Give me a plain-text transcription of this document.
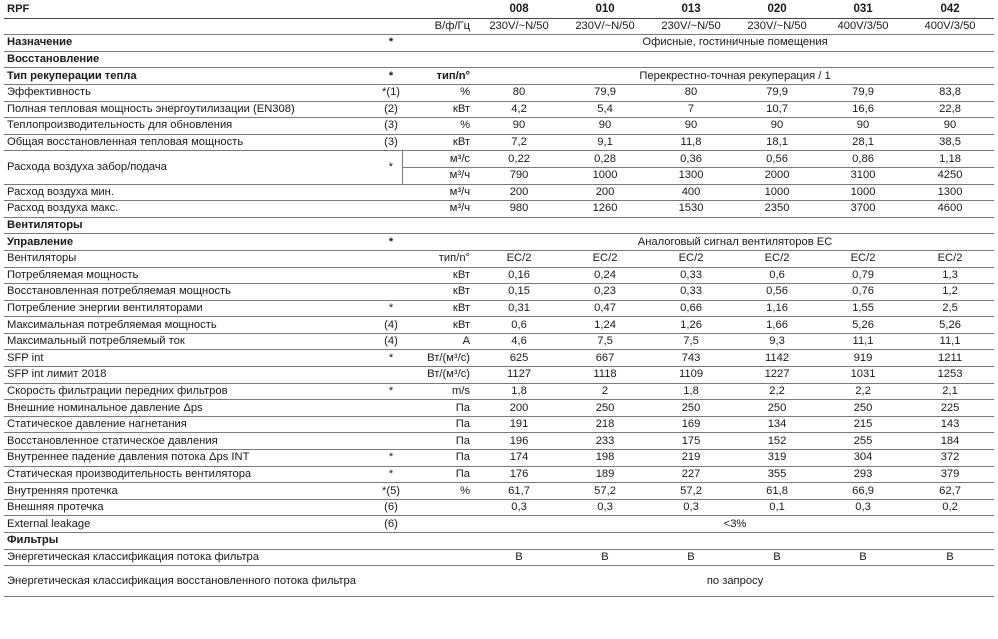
RPF			008	010	013	020	031	042
		В/ф/Гц	230V/~N/50	230V/~N/50	230V/~N/50	230V/~N/50	400V/3/50	400V/3/50
Назначение	*		Офисные, гостиничные помещения					
Восстановление								
Тип рекуперации тепла	*	тип/n°	Перекрестно-точная рекуперация / 1					
Эффективность	*(1)	%	80	79,9	80	79,9	79,9	83,8
Полная тепловая мощность энергоутилизации (EN308)	(2)	кВт	4,2	5,4	7	10,7	16,6	22,8
Теплопроизводительность для обновления	(3)	%	90	90	90	90	90	90
Общая восстановленная тепловая мощность	(3)	кВт	7,2	9,1	11,8	18,1	28,1	38,5
Расхода воздуха забор/подача	*	м³/с	0,22	0,28	0,36	0,56	0,86	1,18
		м³/ч	790	1000	1300	2000	3100	4250
Расход воздуха мин.		м³/ч	200	200	400	1000	1000	1300
Расход воздуха макс.		м³/ч	980	1260	1530	2350	3700	4600
Вентиляторы								
Управление	*		Аналоговый сигнал вентиляторов ЕС					
Вентиляторы		тип/n°	EC/2	EC/2	EC/2	EC/2	EC/2	EC/2
Потребляемая мощность		кВт	0,16	0,24	0,33	0,6	0,79	1,3
Восстановленная потребляемая мощность		кВт	0,15	0,23	0,33	0,56	0,76	1,2
Потребление энергии вентиляторами	*	кВт	0,31	0,47	0,66	1,16	1,55	2,5
Максимальная потребляемая мощность	(4)	кВт	0,6	1,24	1,26	1,66	5,26	5,26
Максимальный потребляемый ток	(4)	A	4,6	7,5	7,5	9,3	11,1	11,1
SFP int	*	Вт/(м³/с)	625	667	743	1142	919	1211
SFP int лимит 2018		Вт/(м³/с)	1127	1118	1109	1227	1031	1253
Скорость фильтрации передних фильтров	*	m/s	1,8	2	1,8	2,2	2,2	2,1
Внешние номинальное давление Δps		Па	200	250	250	250	250	225
Статическое давление нагнетания		Па	191	218	169	134	215	143
Восстановленное статическое давления		Па	196	233	175	152	255	184
Внутреннее падение давления потока Δps INT	*	Па	174	198	219	319	304	372
Статическая производительность вентилятора	*	Па	176	189	227	355	293	379
Внутренняя протечка	*(5)	%	61,7	57,2	57,2	61,8	66,9	62,7
Внешняя протечка	(6)		0,3	0,3	0,3	0,1	0,3	0,2
External leakage	(6)		<3%					
Фильтры								
Энергетическая классификация потока фильтра			B	B	B	B	B	B
Энергетическая классификация восстановленного потока фильтра			по запросу					
